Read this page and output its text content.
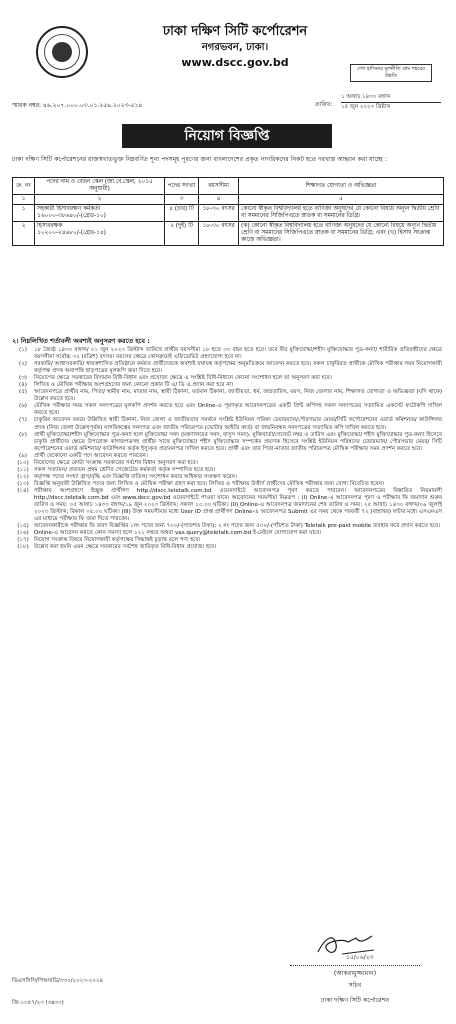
ঢাকা দক্ষিণ সিটি কর্পোরেশন
নগরভবন, ঢাকা।
www.dscc.gov.bd	শেখ হাসিনার মূলনীতি গ্রাম শহরের উন্নতি
স্মারক নম্বর: ৪৬.২০৭.০০০.০৩.০১.২৫৬.২০২৩-৫১৪	তারিখ:
১ আষাঢ় ১৪৩০ বঙ্গাব্দ
১৫ জুন ২০২৩ খ্রিষ্টাব্দ
নিয়োগ বিজ্ঞপ্তি
ঢাকা দক্ষিণ সিটি কর্পোরেশনের রাজস্বখাতভুক্ত নিম্নবর্ণিত শূন্য পদসমূহ পূরণের জন্য বাংলাদেশের প্রকৃত নাগরিকদের নিকট হতে দরখাস্ত আহ্বান করা যাচ্ছে :
ক্র. নং	পদের নাম ও বেতন স্কেল (জা.বে.স্কেল, ২০১৫ অনুযায়ী)	পদের সংখ্যা	বয়সসীমা	শিক্ষাগত যোগ্যতা ও অভিজ্ঞতা
১	২	৩	৪	৫
১	সহকারী হিসাবরক্ষণ কর্মকর্তা
১৬০০০-৩৮৬৪০/-(গ্রেড-১০)	৪ (চার) টি	১৮-৩০ বৎসর	কোনো স্বীকৃত বিশ্ববিদ্যালয় হতে বাণিজ্য অনুষদের যে কোনো বিষয়ে অন্যূন দ্বিতীয় শ্রেণি বা সমমানের সিজিপিএতে স্নাতক বা সমমানের ডিগ্রি।
২	হিসাবরক্ষক
১০২০০-২৪৬৮০/-(গ্রেড-১৪)	২ (দুই) টি	১৮-৩০ বৎসর	(ক) কোনো স্বীকৃত বিশ্ববিদ্যালয় হতে বাণিজ্য অনুষদের যে কোনো বিষয়ে অন্যূন দ্বিতীয় শ্রেণি বা সমমানের সিজিপিএতে স্নাতক বা সমমানের ডিগ্রি; এবং (খ) হিসাব সংক্রান্ত কাজে অভিজ্ঞতা।
২। নিম্নলিখিত শর্তাবলী অবশ্যই অনুসরণ করতে হবে :
(১)	১৮ জ্যৈষ্ঠ ১৪৩০ বঙ্গাব্দ/ ০১ জুন ২০২৩ খ্রিস্টাব্দ তারিখে প্রার্থীর বয়সসীমা ১৮ হতে ৩০ বছর হতে হবে। তবে বীর মুক্তিযোদ্ধা/শহীদ মুক্তিযোদ্ধার পুত্র-কন্যা/ শারীরিক প্রতিবন্ধীদের ক্ষেত্রে বয়সসীমা সর্বোচ্চ ৩২ (বত্রিশ) বৎসর। বয়সের ক্ষেত্রে কোনক্রমেই এফিডেভিট গ্রহণযোগ্য হবে না।
(২)	সরকারি/ আধাসরকারি/ স্বায়ত্তশাসিত প্রতিষ্ঠানে কর্মরত প্রার্থীদেরকে অবশ্যই যথাযথ কর্তৃপক্ষের অনুমতিক্রমে আবেদন করতে হবে। সকল চাকুরিরত প্রার্থীকে মৌখিক পরীক্ষার সময় নিয়োগকারী কর্তৃপক্ষ প্রদত্ত অনাপত্তি ছাড়পত্রের মূলকপি জমা দিতে হবে।
(৩)	নিয়োগের ক্ষেত্রে সরকারের বিদ্যমান বিধি-বিধান এবং প্রযোজ্য ক্ষেত্রে এ সংশ্লিষ্ট বিধি-বিধানে কোনো সংশোধন হলে তা অনুসরণ করা হবে।
(৪)	লিখিত ও মৌখিক পরীক্ষায় অংশগ্রহণের জন্য কোনো প্রকার টি এ/ ডি এ প্রদান করা হবে না।
(৫)	আবেদনপত্রে প্রার্থীর নাম, পিতা/ স্বামীর নাম, মাতার নাম, স্থায়ী ঠিকানা, বর্তমান ঠিকানা, জাতীয়তা, ধর্ম, জন্মতারিখ, বয়স, নিজ জেলার নাম, শিক্ষাগত যোগ্যতা ও অভিজ্ঞতা (যদি থাকে) উল্লেখ করতে হবে।
(৬)	মৌখিক পরীক্ষার সময় সকল সনদপত্রের মূলকপি প্রদর্শন করতে হবে এবং Online-এ পূরণকৃত আবেদনপত্রের একটি প্রিন্ট কপিসহ সকল সনদপত্রের সত্যায়িত একসেট ফটোকপি দাখিল করতে হবে।
(৭)	চাকুরির আবেদন ফরমে উল্লিখিত স্থায়ী ঠিকানা, নিজ জেলা ও জাতীয়তার সমর্থনে সংশ্লিষ্ট ইউনিয়ন পরিষদ চেয়ারম্যান/পৌরসভার মেয়র/সিটি কর্পোরেশনের ওয়ার্ড কমিশনার/ কাউন্সিলর প্রদত্ত (নিজ জেলা উল্লেখপূর্বক) নাগরিকত্বের সনদপত্র এবং জাতীয় পরিচয়পত্র (ভোটার আইডি কার্ড) বা জন্মনিবন্ধন সনদপত্রের সত্যায়িত কপি দাখিল করতে হবে।
(৮)	প্রার্থী মুক্তিযোদ্ধা/শহীদ মুক্তিযোদ্ধার পুত্র-কন্যা হলে মুক্তিযোদ্ধা সনদ (মন্ত্রণালয়ের সনদ, বাসুস সনদ), মুক্তিবার্তা/গেজেট নম্বর ও তারিখ এবং মুক্তিযোদ্ধা/ শহীদ মুক্তিযোদ্ধার পুত্র-কন্যা হিসেবে চাকুরি প্রার্থীদের ক্ষেত্রে উপরোক্ত কাগজপত্রসহ প্রার্থীর সাথে মুক্তিযোদ্ধা/ শহীদ মুক্তিযোদ্ধার সম্পর্কের প্রমাণক হিসেবে সংশ্লিষ্ট ইউনিয়ন পরিষদের চেয়ারম্যান/ পৌরসভার মেয়র/ সিটি কর্পোরেশনের ওয়ার্ড কমিশনার/ কাউন্সিলর কর্তৃক ইস্যুকৃত প্রত্যয়নপত্র দাখিল করতে হবে। প্রার্থী এবং তার পিতা-মাতার জাতীয় পরিচয়পত্র মৌখিক পরীক্ষার সময় প্রদর্শন করতে হবে।
(৯)	প্রার্থী যেকোনো একটি পদে আবেদন করতে পারবেন।
(১০) নিয়োগের ক্ষেত্রে কোটা সংক্রান্ত সরকারের সর্বশেষ বিধান অনুসরণ করা হবে।
(১১) সকল সত্যায়ন/ প্রত্যয়ন প্রথম শ্রেণির গেজেটেড কর্মকর্তা কর্তৃক সম্পাদিত হতে হবে।
(১২) কর্তৃপক্ষ পদের সংখ্যা হ্রাস/বৃদ্ধি এবং বিজ্ঞপ্তি বাতিল/ সংশোধন করার অধিকার সংরক্ষণ করেন।
(১৩) বিজ্ঞপ্তি অনুযায়ী উল্লিখিত পদের জন্য লিখিত ও মৌখিক পরীক্ষা গ্রহণ করা হবে। লিখিত ও পরীক্ষায় উত্তীর্ণ প্রার্থীদের মৌখিক পরীক্ষার জন্য যোগ্য বিবেচিত হবেন।
(১৪) পরীক্ষায় অংশগ্রহণে ইচ্ছুক প্রার্থীগণ http://dscc.teletalk.com.bd ওয়েবসাইটে আবেদনপত্র পূরণ করতে পারবেন। আবেদনপত্রের বিস্তারিত নিয়মাবলী http://dscc.teletalk.com.bd এবং www.dscc.gov.bd ওয়েবসাইটে পাওয়া যাবে। আবেদনের সময়সীমা নিম্নরূপ : (I) Online-এ আবেদনপত্র পূরণ ও পরীক্ষার ফি জমাদান শুরুর তারিখ ও সময়: ০৫ আষাঢ় ১৪৩০ বঙ্গাব্দ/১৯ জুন ২০২৩ খ্রিস্টাব্দ; সকাল ১০.০০ ঘটিকা। (II) Online-এ আবেদনপত্র জমাদানের শেষ তারিখ ও সময়: ২৫ আষাঢ় ১৪৩০ বঙ্গাব্দ/০৯ জুলাই ২০২৩ খ্রিস্টাব্দ; বিকাল ০৫.০০ ঘটিকা। (III) উক্ত সময়সীমার মধ্যে User ID প্রাপ্ত প্রার্থীগণ Online-এ আবেদনপত্র Submit এর সময় থেকে পরবর্তী ৭২ (বাহাত্তর) ঘন্টার মধ্যে এসএমএস এর মাধ্যমে পরীক্ষার ফি জমা দিতে পারবেন।
(১৫) আবেদনকারীকে পরীক্ষার ফি বাবদ বিজ্ঞপ্তির ১নং পদের জন্য ৭০০/-(সাতশত টাকা); ২ নং পদের জন্য ৫০০/-(পাঁচশত টাকা) Teletalk pre-paid mobile ব্যবহার করে প্রদান করতে হবে।
(১৬) Online-এ আবেদন করতে কোন সমস্যা হলে ১২১ নম্বরে অথবা vas.query@teletalk.com.bd ই-মেইলে যোগাযোগ করা যাবে।
(১৭) নিয়োগ সংক্রান্ত বিষয়ে নিয়োগকারী কর্তৃপক্ষের সিদ্ধান্তই চূড়ান্ত বলে গণ্য হবে।
(১৮) উল্লেখ করা হয়নি এমন ক্ষেত্রে সরকারের সর্বশেষ জারিকৃত বিধি-বিধান প্রযোজ্য হবে।
১৫/০৬/২৩
(আকরামুজ্জামান)
সচিব
ঢাকা দক্ষিণ সিটি কর্পোরেশন
ডিএসসিসি/পিআরডি/৩৩০/২০২৩-২০২৪
জি-১৩৫৭/২৩ (৩x৩০)
